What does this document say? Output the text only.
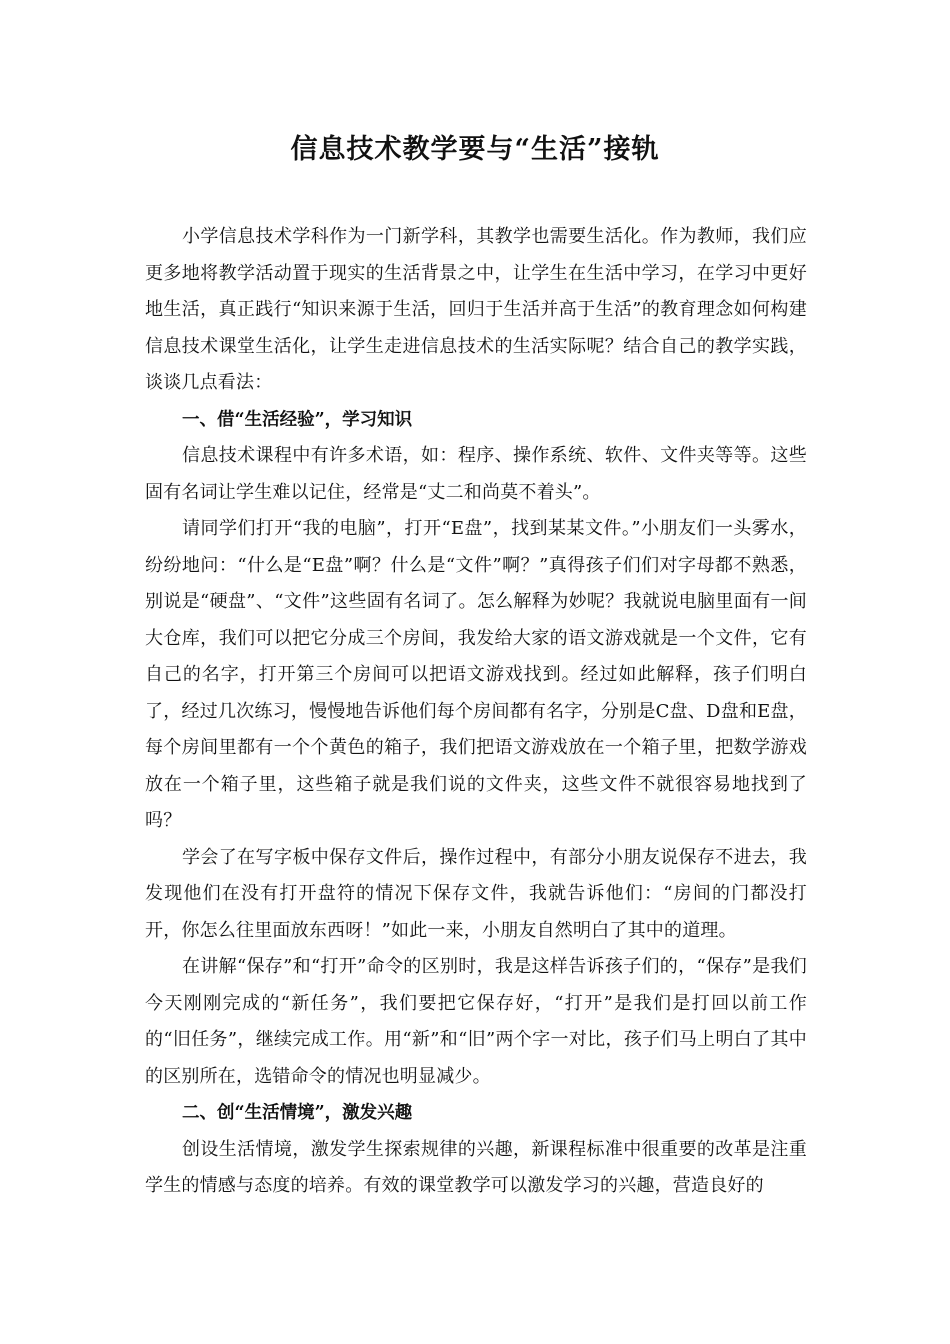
信息技术教学要与“生活”接轨

小学信息技术学科作为一门新学科，其教学也需要生活化。作为教师，我们应更多地将教学活动置于现实的生活背景之中，让学生在生活中学习，在学习中更好地生活，真正践行“知识来源于生活，回归于生活并高于生活”的教育理念如何构建信息技术课堂生活化，让学生走进信息技术的生活实际呢？结合自己的教学实践，谈谈几点看法：

一、借“生活经验”，学习知识

信息技术课程中有许多术语，如：程序、操作系统、软件、文件夹等等。这些固有名词让学生难以记住，经常是“丈二和尚莫不着头”。

请同学们打开“我的电脑”，打开“E盘”，找到某某文件。”小朋友们一头雾水，纷纷地问：“什么是“E盘”啊？什么是“文件”啊？”真得孩子们们对字母都不熟悉，别说是“硬盘”、“文件”这些固有名词了。怎么解释为妙呢？我就说电脑里面有一间大仓库，我们可以把它分成三个房间，我发给大家的语文游戏就是一个文件，它有自己的名字，打开第三个房间可以把语文游戏找到。经过如此解释，孩子们明白了，经过几次练习，慢慢地告诉他们每个房间都有名字，分别是C盘、D盘和E盘，每个房间里都有一个个黄色的箱子，我们把语文游戏放在一个箱子里，把数学游戏放在一个箱子里，这些箱子就是我们说的文件夹，这些文件不就很容易地找到了吗？

学会了在写字板中保存文件后，操作过程中，有部分小朋友说保存不进去，我发现他们在没有打开盘符的情况下保存文件，我就告诉他们：“房间的门都没打开，你怎么往里面放东西呀！”如此一来，小朋友自然明白了其中的道理。

在讲解“保存”和“打开”命令的区别时，我是这样告诉孩子们的，“保存”是我们今天刚刚完成的“新任务”，我们要把它保存好，“打开”是我们是打回以前工作的“旧任务”，继续完成工作。用“新”和“旧”两个字一对比，孩子们马上明白了其中的区别所在，选错命令的情况也明显减少。

二、创“生活情境”，激发兴趣

创设生活情境，激发学生探索规律的兴趣，新课程标准中很重要的改革是注重学生的情感与态度的培养。有效的课堂教学可以激发学习的兴趣，营造良好的
